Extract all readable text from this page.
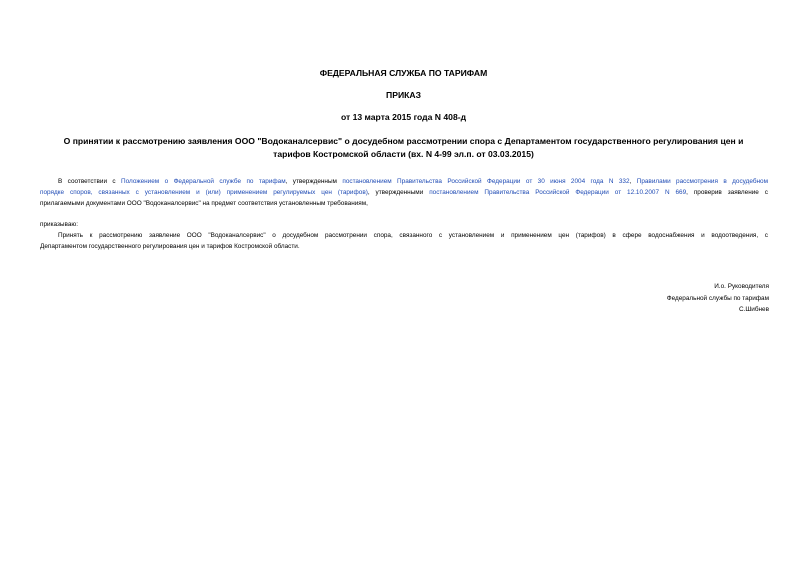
ФЕДЕРАЛЬНАЯ СЛУЖБА ПО ТАРИФАМ
ПРИКАЗ
от 13 марта 2015 года N 408-д
О принятии к рассмотрению заявления ООО "Водоканалсервис" о досудебном рассмотрении спора с Департаментом государственного регулирования цен и
тарифов Костромской области (вх. N 4-99 эл.п. от 03.03.2015)
В соответствии с Положением о Федеральной службе по тарифам, утвержденным постановлением Правительства Российской Федерации от 30 июня 2004 года N 332, Правилами рассмотрения в досудебном
порядке споров, связанных с установлением и (или) применением регулируемых цен (тарифов), утвержденными постановлением Правительства Российской Федерации от 12.10.2007 N 669, проверив заявление с
прилагаемыми документами ООО "Водоканалсервис" на предмет соответствия установленным требованиям,
приказываю:
Принять к рассмотрению заявление ООО "Водоканалсервис" о досудебном рассмотрении спора, связанного с установлением и применением цен (тарифов) в сфере водоснабжения и водоотведения, с
Департаментом государственного регулирования цен и тарифов Костромской области.
И.о. Руководителя
Федеральной службы по тарифам
С.Шибнев
